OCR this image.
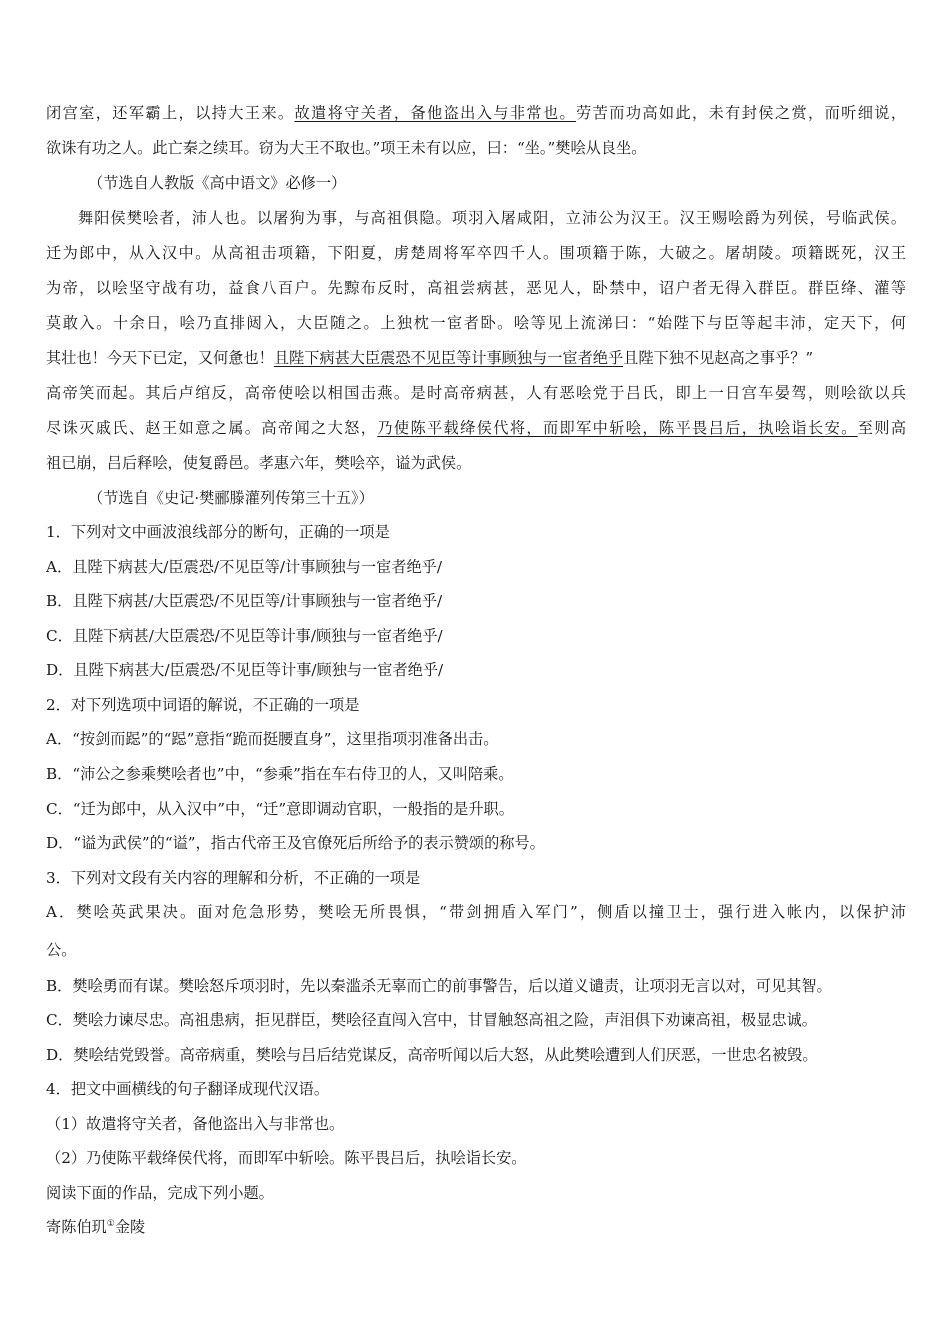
闭宫室，还军霸上，以持大王来。故遣将守关者，备他盗出入与非常也。劳苦而功高如此，未有封侯之赏，而听细说，
欲诛有功之人。此亡秦之续耳。窃为大王不取也。”项王未有以应，曰：“坐。”樊哙从良坐。
（节选自人教版《高中语文》必修一）
舞阳侯樊哙者，沛人也。以屠狗为事，与高祖俱隐。项羽入屠咸阳，立沛公为汉王。汉王赐哙爵为列侯，号临武侯。
迁为郎中，从入汉中。从高祖击项籍，下阳夏，虏楚周将军卒四千人。围项籍于陈，大破之。屠胡陵。项籍既死，汉王
为帝，以哙坚守战有功，益食八百户。先黥布反时，高祖尝病甚，恶见人，卧禁中，诏户者无得入群臣。群臣绛、灌等
莫敢入。十余日，哙乃直排闼入，大臣随之。上独枕一宦者卧。哙等见上流涕曰：“始陛下与臣等起丰沛，定天下，何
其壮也！今天下已定，又何惫也！且陛下病甚大臣震恐不见臣等计事顾独与一宦者绝乎且陛下独不见赵高之事乎？”
高帝笑而起。其后卢绾反，高帝使哙以相国击燕。是时高帝病甚，人有恶哙党于吕氏，即上一日宫车晏驾，则哙欲以兵
尽诛灭戚氏、赵王如意之属。高帝闻之大怒，乃使陈平载绛侯代将，而即军中斩哙，陈平畏吕后，执哙诣长安。至则高
祖已崩，吕后释哙，使复爵邑。孝惠六年，樊哙卒，谥为武侯。
（节选自《史记·樊郦滕灌列传第三十五》）
1．下列对文中画波浪线部分的断句，正确的一项是
A．且陛下病甚大/臣震恐/不见臣等/计事顾独与一宦者绝乎/
B．且陛下病甚/大臣震恐/不见臣等/计事顾独与一宦者绝乎/
C．且陛下病甚/大臣震恐/不见臣等计事/顾独与一宦者绝乎/
D．且陛下病甚大/臣震恐/不见臣等计事/顾独与一宦者绝乎/
2．对下列选项中词语的解说，不正确的一项是
A．“按剑而跽”的“跽”意指“跪而挺腰直身”，这里指项羽准备出击。
B．“沛公之参乘樊哙者也”中，“参乘”指在车右侍卫的人，又叫陪乘。
C．“迁为郎中，从入汉中”中，“迁”意即调动官职，一般指的是升职。
D．“谥为武侯”的“谥”，指古代帝王及官僚死后所给予的表示赞颂的称号。
3．下列对文段有关内容的理解和分析，不正确的一项是
A．樊哙英武果决。面对危急形势，樊哙无所畏惧，“带剑拥盾入军门”，侧盾以撞卫士，强行进入帐内，以保护沛
公。
B．樊哙勇而有谋。樊哙怒斥项羽时，先以秦滥杀无辜而亡的前事警告，后以道义谴责，让项羽无言以对，可见其智。
C．樊哙力谏尽忠。高祖患病，拒见群臣，樊哙径直闯入宫中，甘冒触怒高祖之险，声泪俱下劝谏高祖，极显忠诚。
D．樊哙结党毁誉。高帝病重，樊哙与吕后结党谋反，高帝听闻以后大怒，从此樊哙遭到人们厌恶，一世忠名被毁。
4．把文中画横线的句子翻译成现代汉语。
（1）故遣将守关者，备他盗出入与非常也。
（2）乃使陈平载绛侯代将，而即军中斩哙。陈平畏吕后，执哙诣长安。
阅读下面的作品，完成下列小题。
寄陈伯玑①金陵
